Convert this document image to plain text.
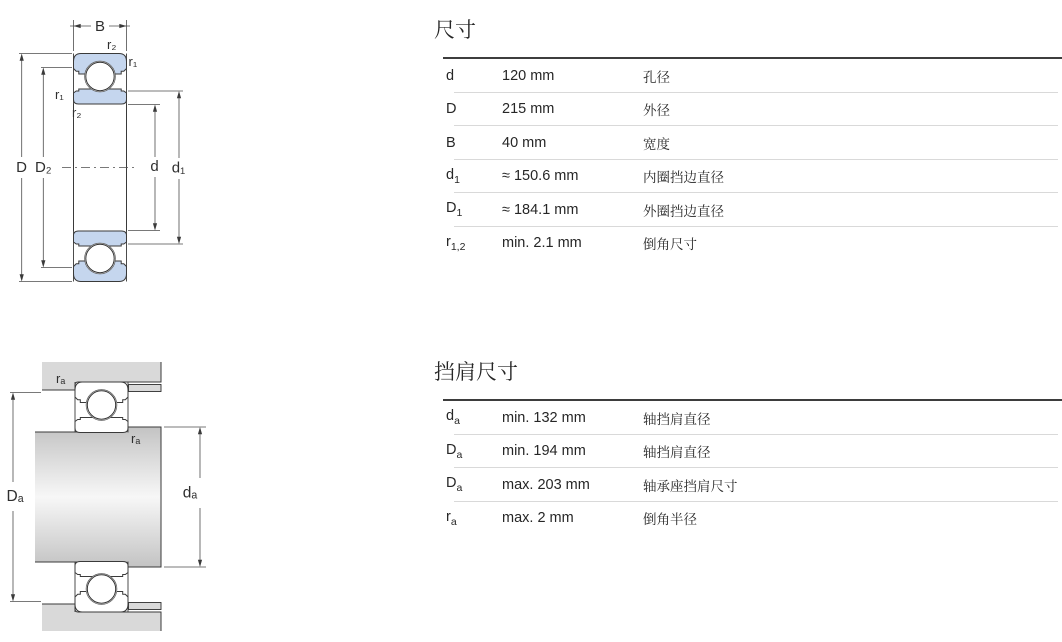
B
D D₂	d d₁
r₂
r₁
r₁
r₂
Dₐ	dₐ
rₐ
rₐ
尺寸
d	120 mm	孔径
D	215 mm	外径
B	40 mm	宽度
$d_1$	≈ 150.6 mm	内圈挡边直径
$D_1$	≈ 184.1 mm	外圈挡边直径
$r_{1,2}$	min. 2.1 mm	倒角尺寸
挡肩尺寸
$d_a$	min. 132 mm	轴挡肩直径
$D_a$	min. 194 mm	轴挡肩直径
$D_a$	max. 203 mm	轴承座挡肩尺寸
$r_a$	max. 2 mm	倒角半径
